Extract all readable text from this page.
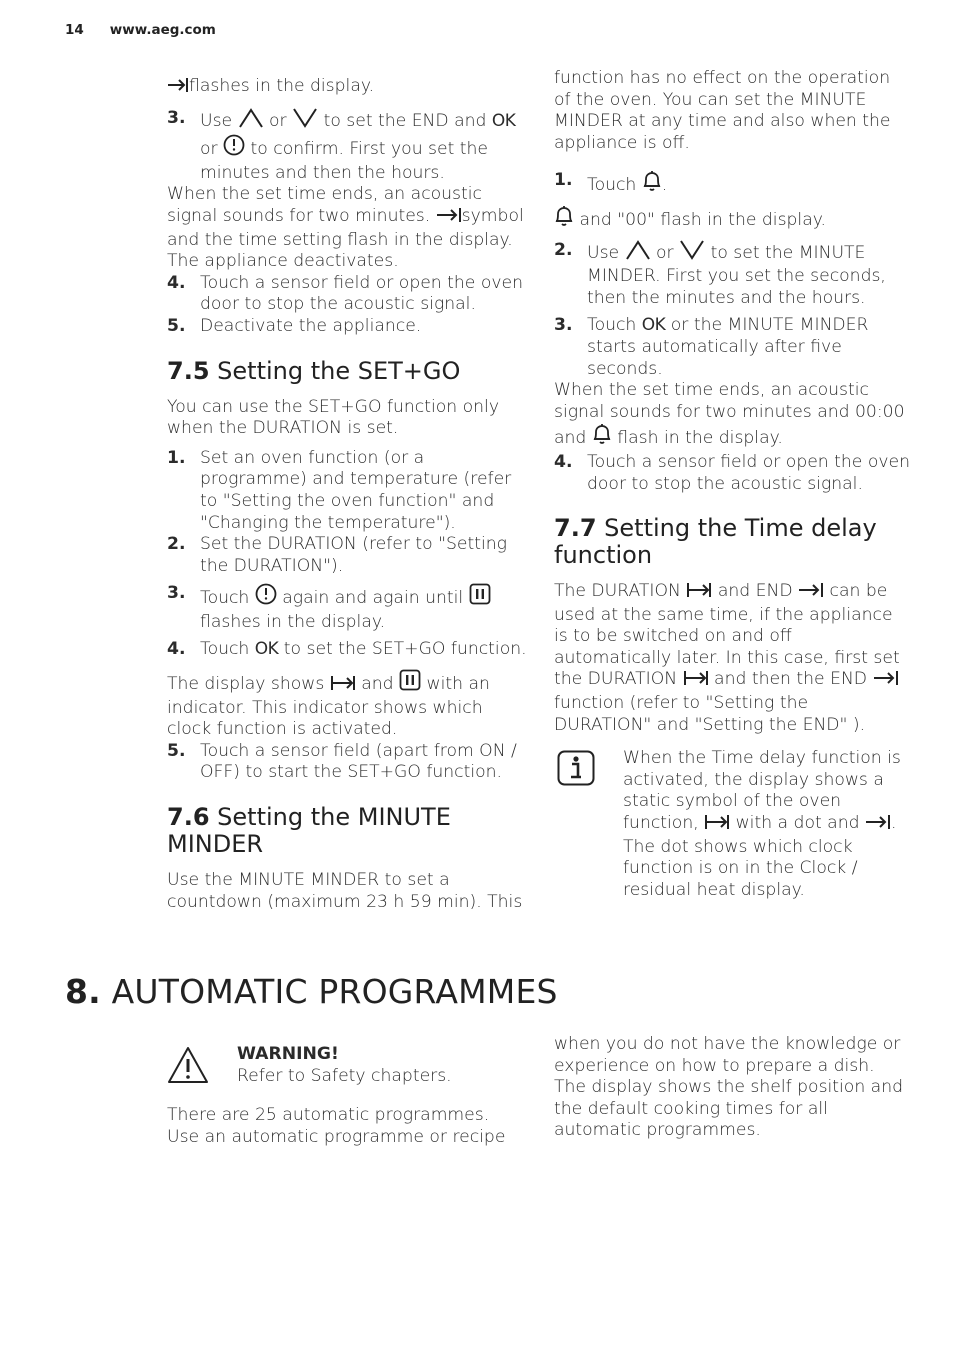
14 www.aeg.com

flashes in the display.

3. Use or to set the END and OK or to confirm. First you set the minutes and then the hours.

When the set time ends, an acoustic signal sounds for two minutes. symbol and the time setting flash in the display. The appliance deactivates.

4. Touch a sensor field or open the oven door to stop the acoustic signal.
5. Deactivate the appliance.
7.5 Setting the SET+GO

You can use the SET+GO function only when the DURATION is set.

1. Set an oven function (or a programme) and temperature (refer to "Setting the oven function" and "Changing the temperature").
2. Set the DURATION (refer to "Setting the DURATION").
3. Touch again and again until  flashes in the display.
4. Touch OK to set the SET+GO function.

The display shows and with an indicator. This indicator shows which clock function is activated.

5. Touch a sensor field (apart from ON / OFF) to start the SET+GO function.
7.6 Setting the MINUTE MINDER

Use the MINUTE MINDER to set a countdown (maximum 23 h 59 min). This

function has no effect on the operation of the oven. You can set the MINUTE MINDER at any time and also when the appliance is off.

1. Touch .

and "00" flash in the display.

2. Use or to set the MINUTE MINDER. First you set the seconds, then the minutes and the hours.
3. Touch OK or the MINUTE MINDER starts automatically after five seconds.

When the set time ends, an acoustic signal sounds for two minutes and 00:00 and flash in the display.

4. Touch a sensor field or open the oven door to stop the acoustic signal.
7.7 Setting the Time delay function

The DURATION and END can be used at the same time, if the appliance is to be switched on and off automatically later. In this case, first set the DURATION and then the END  function (refer to "Setting the DURATION" and "Setting the END" ).

When the Time delay function is activated, the display shows a static symbol of the oven function, with a dot and . The dot shows which clock function is on in the Clock / residual heat display.

8. AUTOMATIC PROGRAMMES
WARNING!
Refer to Safety chapters.
There are 25 automatic programmes. Use an automatic programme or recipe
when you do not have the knowledge or experience on how to prepare a dish. The display shows the shelf position and the default cooking times for all automatic programmes.
